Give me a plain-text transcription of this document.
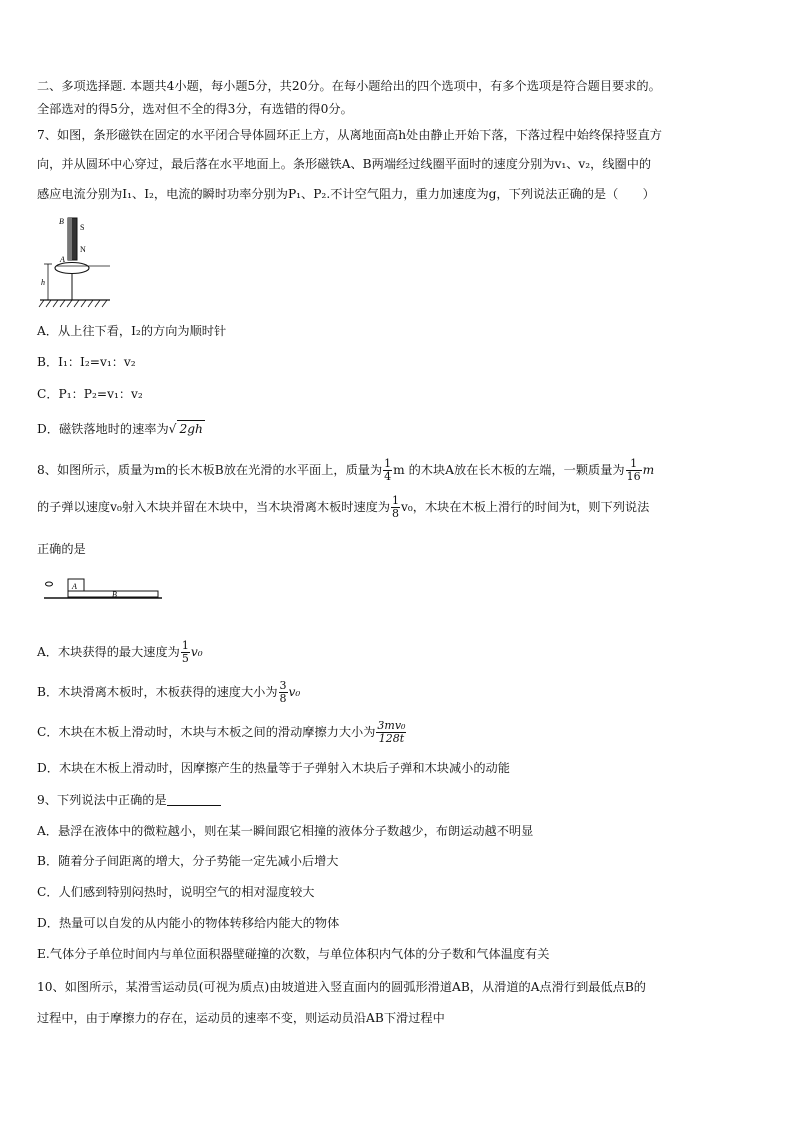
二、多项选择题. 本题共4小题，每小题5分，共20分。在每小题给出的四个选项中，有多个选项是符合题目要求的。
全部选对的得5分，选对但不全的得3分，有选错的得0分。
7、如图，条形磁铁在固定的水平闭合导体圆环正上方，从离地面高h处由静止开始下落，下落过程中始终保持竖直方
向，并从圆环中心穿过，最后落在水平地面上。条形磁铁A、B两端经过线圈平面时的速度分别为v₁、v₂，线圈中的
感应电流分别为I₁、I₂，电流的瞬时功率分别为P₁、P₂.不计空气阻力，重力加速度为g，下列说法正确的是（　　）
B
S
N
A
h
A．从上往下看，I₂的方向为顺时针
B．I₁：I₂=v₁：v₂
C．P₁：P₂=v₁：v₂
D．磁铁落地时的速率为√ 2gh
8、如图所示，质量为m的长木板B放在光滑的水平面上，质量为 $\frac{1}{4}$ m 的木块A放在长木板的左端，一颗质量为 $\frac{1}{16}$ m
的子弹以速度v₀射入木块并留在木块中，当木块滑离木板时速度为 $\frac{1}{8} v_0$，木块在木板上滑行的时间为t，则下列说法
正确的是
A
B
A．木块获得的最大速度为 $\frac{1}{5} v_0$
B．木块滑离木板时，木板获得的速度大小为 $\frac{3}{8} v_0$
C．木块在木板上滑动时，木块与木板之间的滑动摩擦力大小为 $\frac{\text{3mv₀}}{128t}$
D．木块在木板上滑动时，因摩擦产生的热量等于子弹射入木块后子弹和木块减小的动能
9、下列说法中正确的是
A．悬浮在液体中的微粒越小，则在某一瞬间跟它相撞的液体分子数越少，布朗运动越不明显
B．随着分子间距离的增大，分子势能一定先减小后增大
C．人们感到特别闷热时，说明空气的相对湿度较大
D．热量可以自发的从内能小的物体转移给内能大的物体
E.气体分子单位时间内与单位面积器壁碰撞的次数，与单位体积内气体的分子数和气体温度有关
10、如图所示，某滑雪运动员(可视为质点)由坡道进入竖直面内的圆弧形滑道AB，从滑道的A点滑行到最低点B的
过程中，由于摩擦力的存在，运动员的速率不变，则运动员沿AB下滑过程中
